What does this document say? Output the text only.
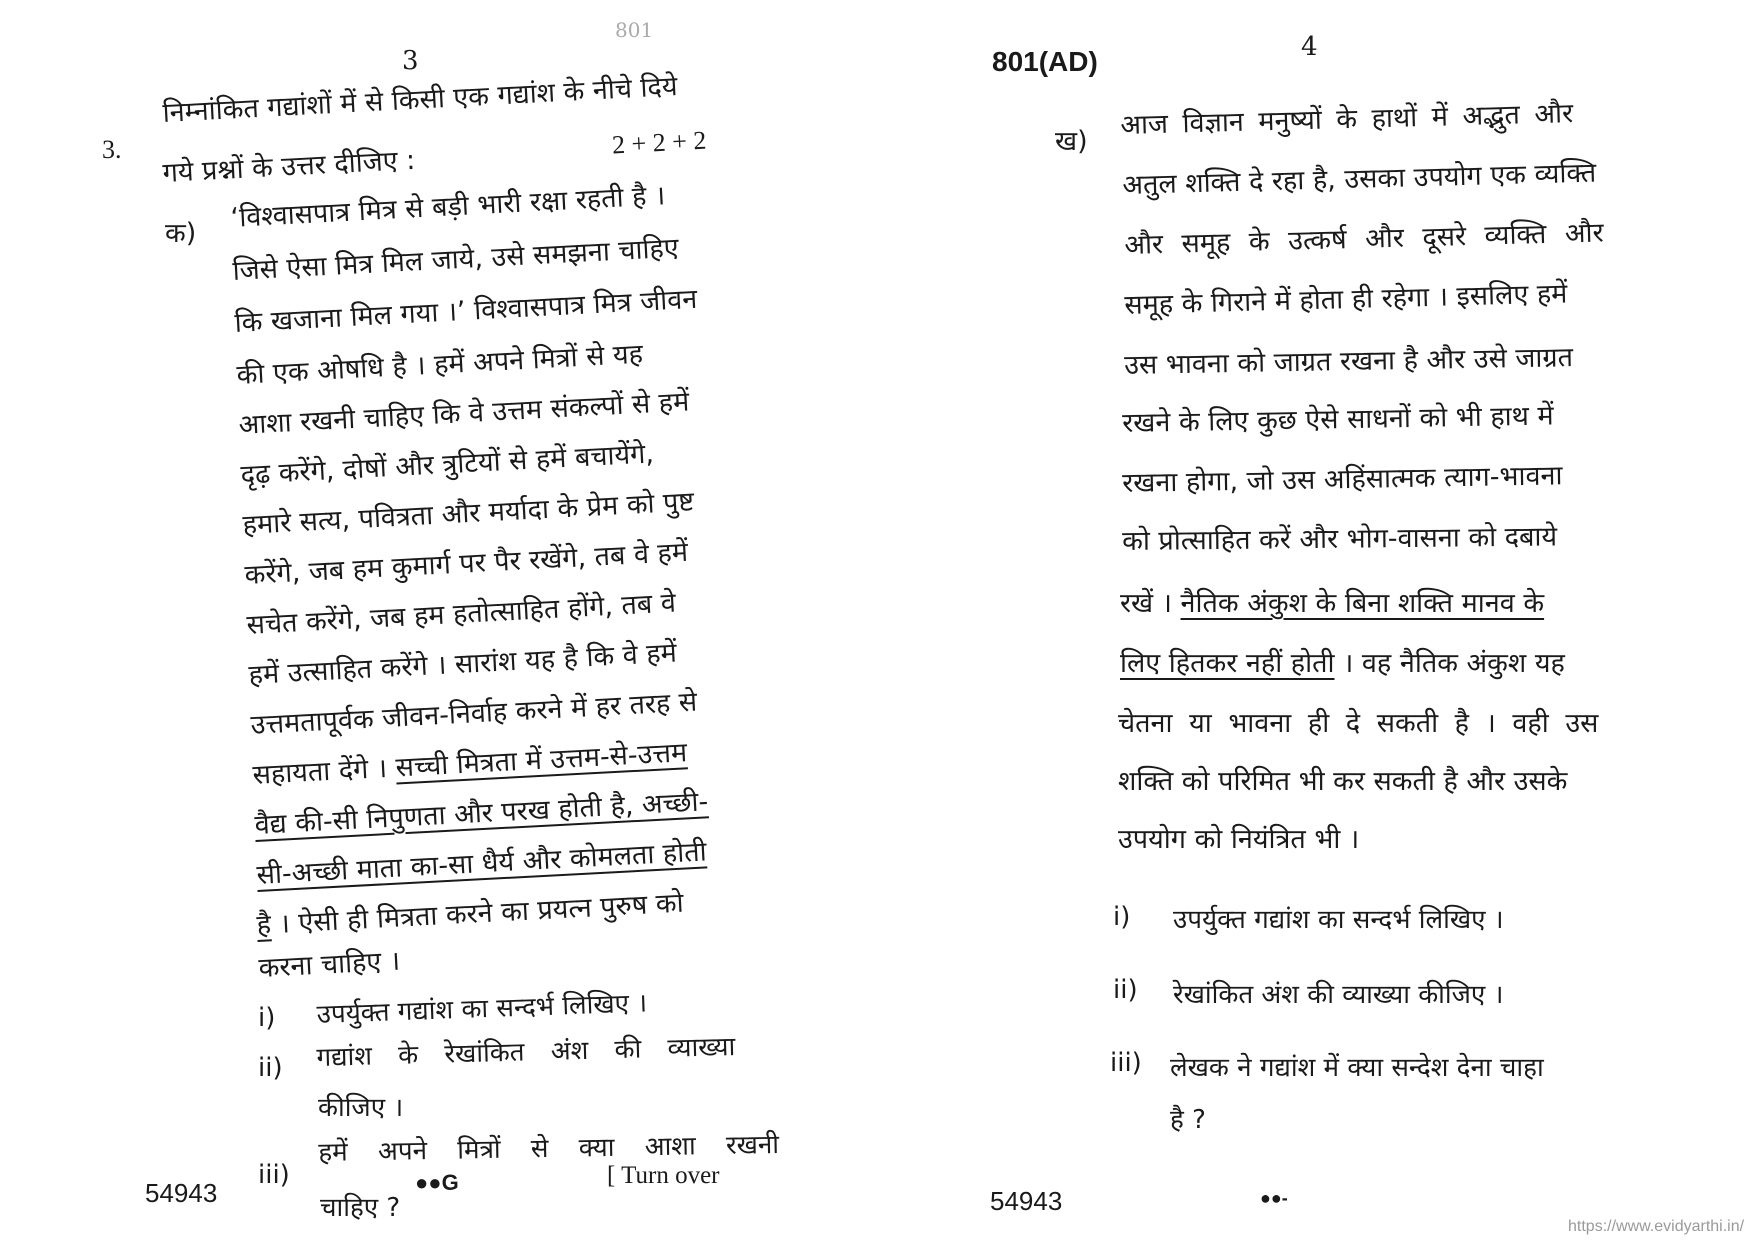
801
3
3.
निम्नांकित गद्यांशों में से किसी एक गद्यांश के नीचे दिये
2 + 2 + 2
गये प्रश्नों के उत्तर दीजिए :
क) ‘विश्वासपात्र मित्र से बड़ी भारी रक्षा रहती है ।
जिसे ऐसा मित्र मिल जाये, उसे समझना चाहिए
कि खजाना मिल गया ।’ विश्वासपात्र मित्र जीवन
की एक ओषधि है । हमें अपने मित्रों से यह
आशा रखनी चाहिए कि वे उत्तम संकल्पों से हमें
दृढ़ करेंगे, दोषों और त्रुटियों से हमें बचायेंगे,
हमारे सत्य, पवित्रता और मर्यादा के प्रेम को पुष्ट
करेंगे, जब हम कुमार्ग पर पैर रखेंगे, तब वे हमें
सचेत करेंगे, जब हम हतोत्साहित होंगे, तब वे
हमें उत्साहित करेंगे । सारांश यह है कि वे हमें
उत्तमतापूर्वक जीवन-निर्वाह करने में हर तरह से
सहायता देंगे । सच्ची मित्रता में उत्तम-से-उत्तम
वैद्य की-सी निपुणता और परख होती है, अच्छी-
सी-अच्छी माता का-सा धैर्य और कोमलता होती
है । ऐसी ही मित्रता करने का प्रयत्न पुरुष को
करना चाहिए ।
i) उपर्युक्त गद्यांश का सन्दर्भ लिखिए ।
ii) गद्यांश के रेखांकित अंश की व्याख्या
कीजिए ।
iii)
हमें अपने मित्रों से क्या आशा रखनी
चाहिए ?
54943	●●G	[ Turn over
801(AD)	4
ख)
आज विज्ञान मनुष्यों के हाथों में अद्भुत और
अतुल शक्ति दे रहा है, उसका उपयोग एक व्यक्ति
और समूह के उत्कर्ष और दूसरे व्यक्ति और
समूह के गिराने में होता ही रहेगा । इसलिए हमें
उस भावना को जाग्रत रखना है और उसे जाग्रत
रखने के लिए कुछ ऐसे साधनों को भी हाथ में
रखना होगा, जो उस अहिंसात्मक त्याग-भावना
को प्रोत्साहित करें और भोग-वासना को दबाये
रखें । नैतिक अंकुश के बिना शक्ति मानव के
लिए हितकर नहीं होती । वह नैतिक अंकुश यह
चेतना या भावना ही दे सकती है । वही उस
शक्ति को परिमित भी कर सकती है और उसके
उपयोग को नियंत्रित भी ।
i) उपर्युक्त गद्यांश का सन्दर्भ लिखिए ।
ii) रेखांकित अंश की व्याख्या कीजिए ।
iii) लेखक ने गद्यांश में क्या सन्देश देना चाहा
है ?
54943	●●-
https://www.evidyarthi.in/
